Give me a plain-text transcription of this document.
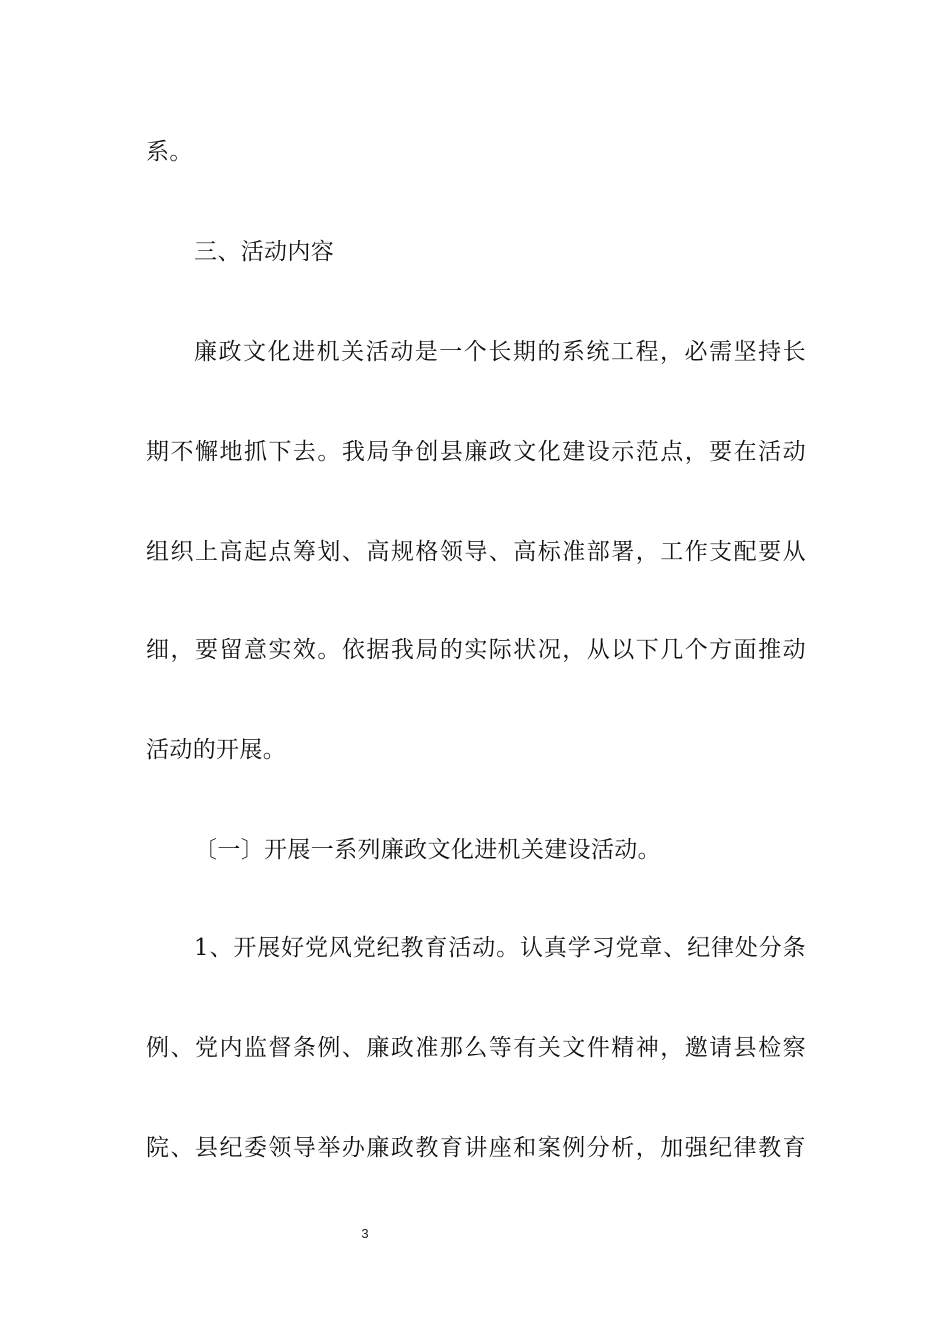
系。
三、活动内容
廉政文化进机关活动是一个长期的系统工程，必需坚持长
期不懈地抓下去。我局争创县廉政文化建设示范点，要在活动
组织上高起点筹划、高规格领导、高标准部署，工作支配要从
细，要留意实效。依据我局的实际状况，从以下几个方面推动
活动的开展。
〔一〕开展一系列廉政文化进机关建设活动。
1、开展好党风党纪教育活动。认真学习党章、纪律处分条
例、党内监督条例、廉政准那么等有关文件精神，邀请县检察
院、县纪委领导举办廉政教育讲座和案例分析，加强纪律教育
3
